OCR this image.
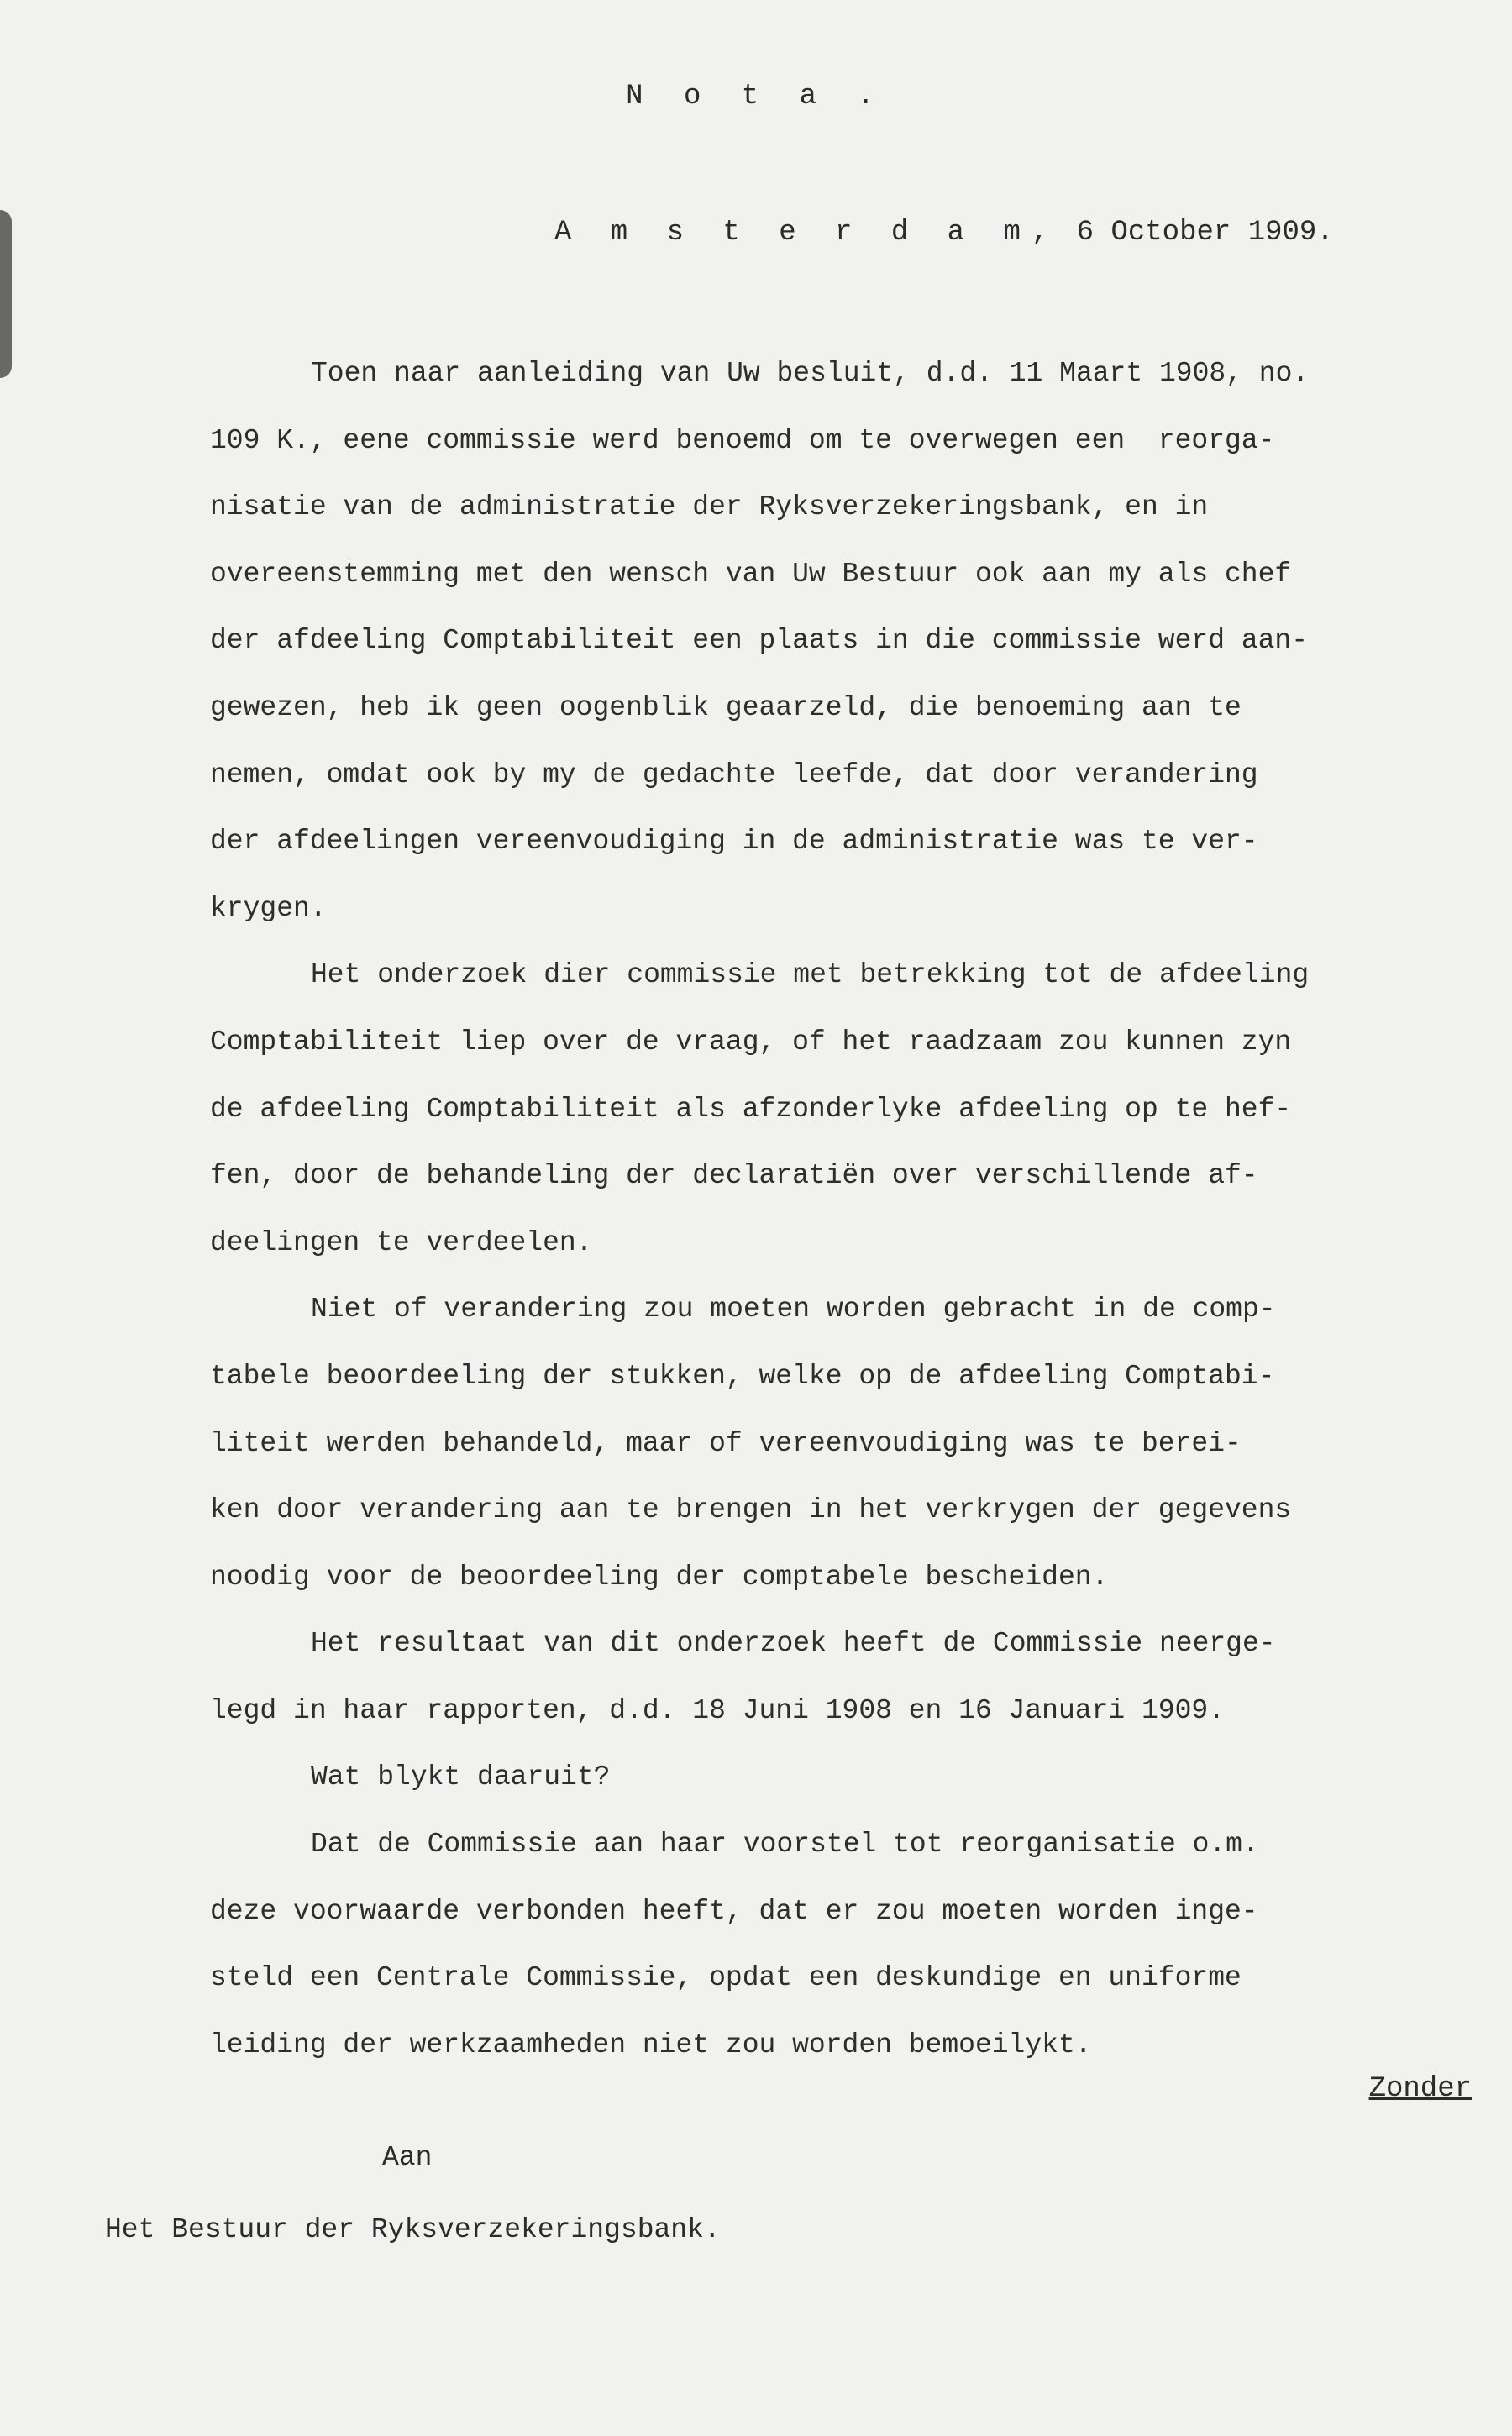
N o t a .
A m s t e r d a m, 6 October 1909.
Toen naar aanleiding van Uw besluit, d.d. 11 Maart 1908, no.
109 K., eene commissie werd benoemd om te overwegen een  reorga-
nisatie van de administratie der Ryksverzekeringsbank, en in
overeenstemming met den wensch van Uw Bestuur ook aan my als chef
der afdeeling Comptabiliteit een plaats in die commissie werd aan-
gewezen, heb ik geen oogenblik geaarzeld, die benoeming aan te
nemen, omdat ook by my de gedachte leefde, dat door verandering
der afdeelingen vereenvoudiging in de administratie was te ver-
krygen.
Het onderzoek dier commissie met betrekking tot de afdeeling
Comptabiliteit liep over de vraag, of het raadzaam zou kunnen zyn
de afdeeling Comptabiliteit als afzonderlyke afdeeling op te hef-
fen, door de behandeling der declaratiën over verschillende af-
deelingen te verdeelen.
Niet of verandering zou moeten worden gebracht in de comp-
tabele beoordeeling der stukken, welke op de afdeeling Comptabi-
liteit werden behandeld, maar of vereenvoudiging was te berei-
ken door verandering aan te brengen in het verkrygen der gegevens
noodig voor de beoordeeling der comptabele bescheiden.
Het resultaat van dit onderzoek heeft de Commissie neerge-
legd in haar rapporten, d.d. 18 Juni 1908 en 16 Januari 1909.
Wat blykt daaruit?
Dat de Commissie aan haar voorstel tot reorganisatie o.m.
deze voorwaarde verbonden heeft, dat er zou moeten worden inge-
steld een Centrale Commissie, opdat een deskundige en uniforme
leiding der werkzaamheden niet zou worden bemoeilykt.
Zonder
Aan
Het Bestuur der Ryksverzekeringsbank.
